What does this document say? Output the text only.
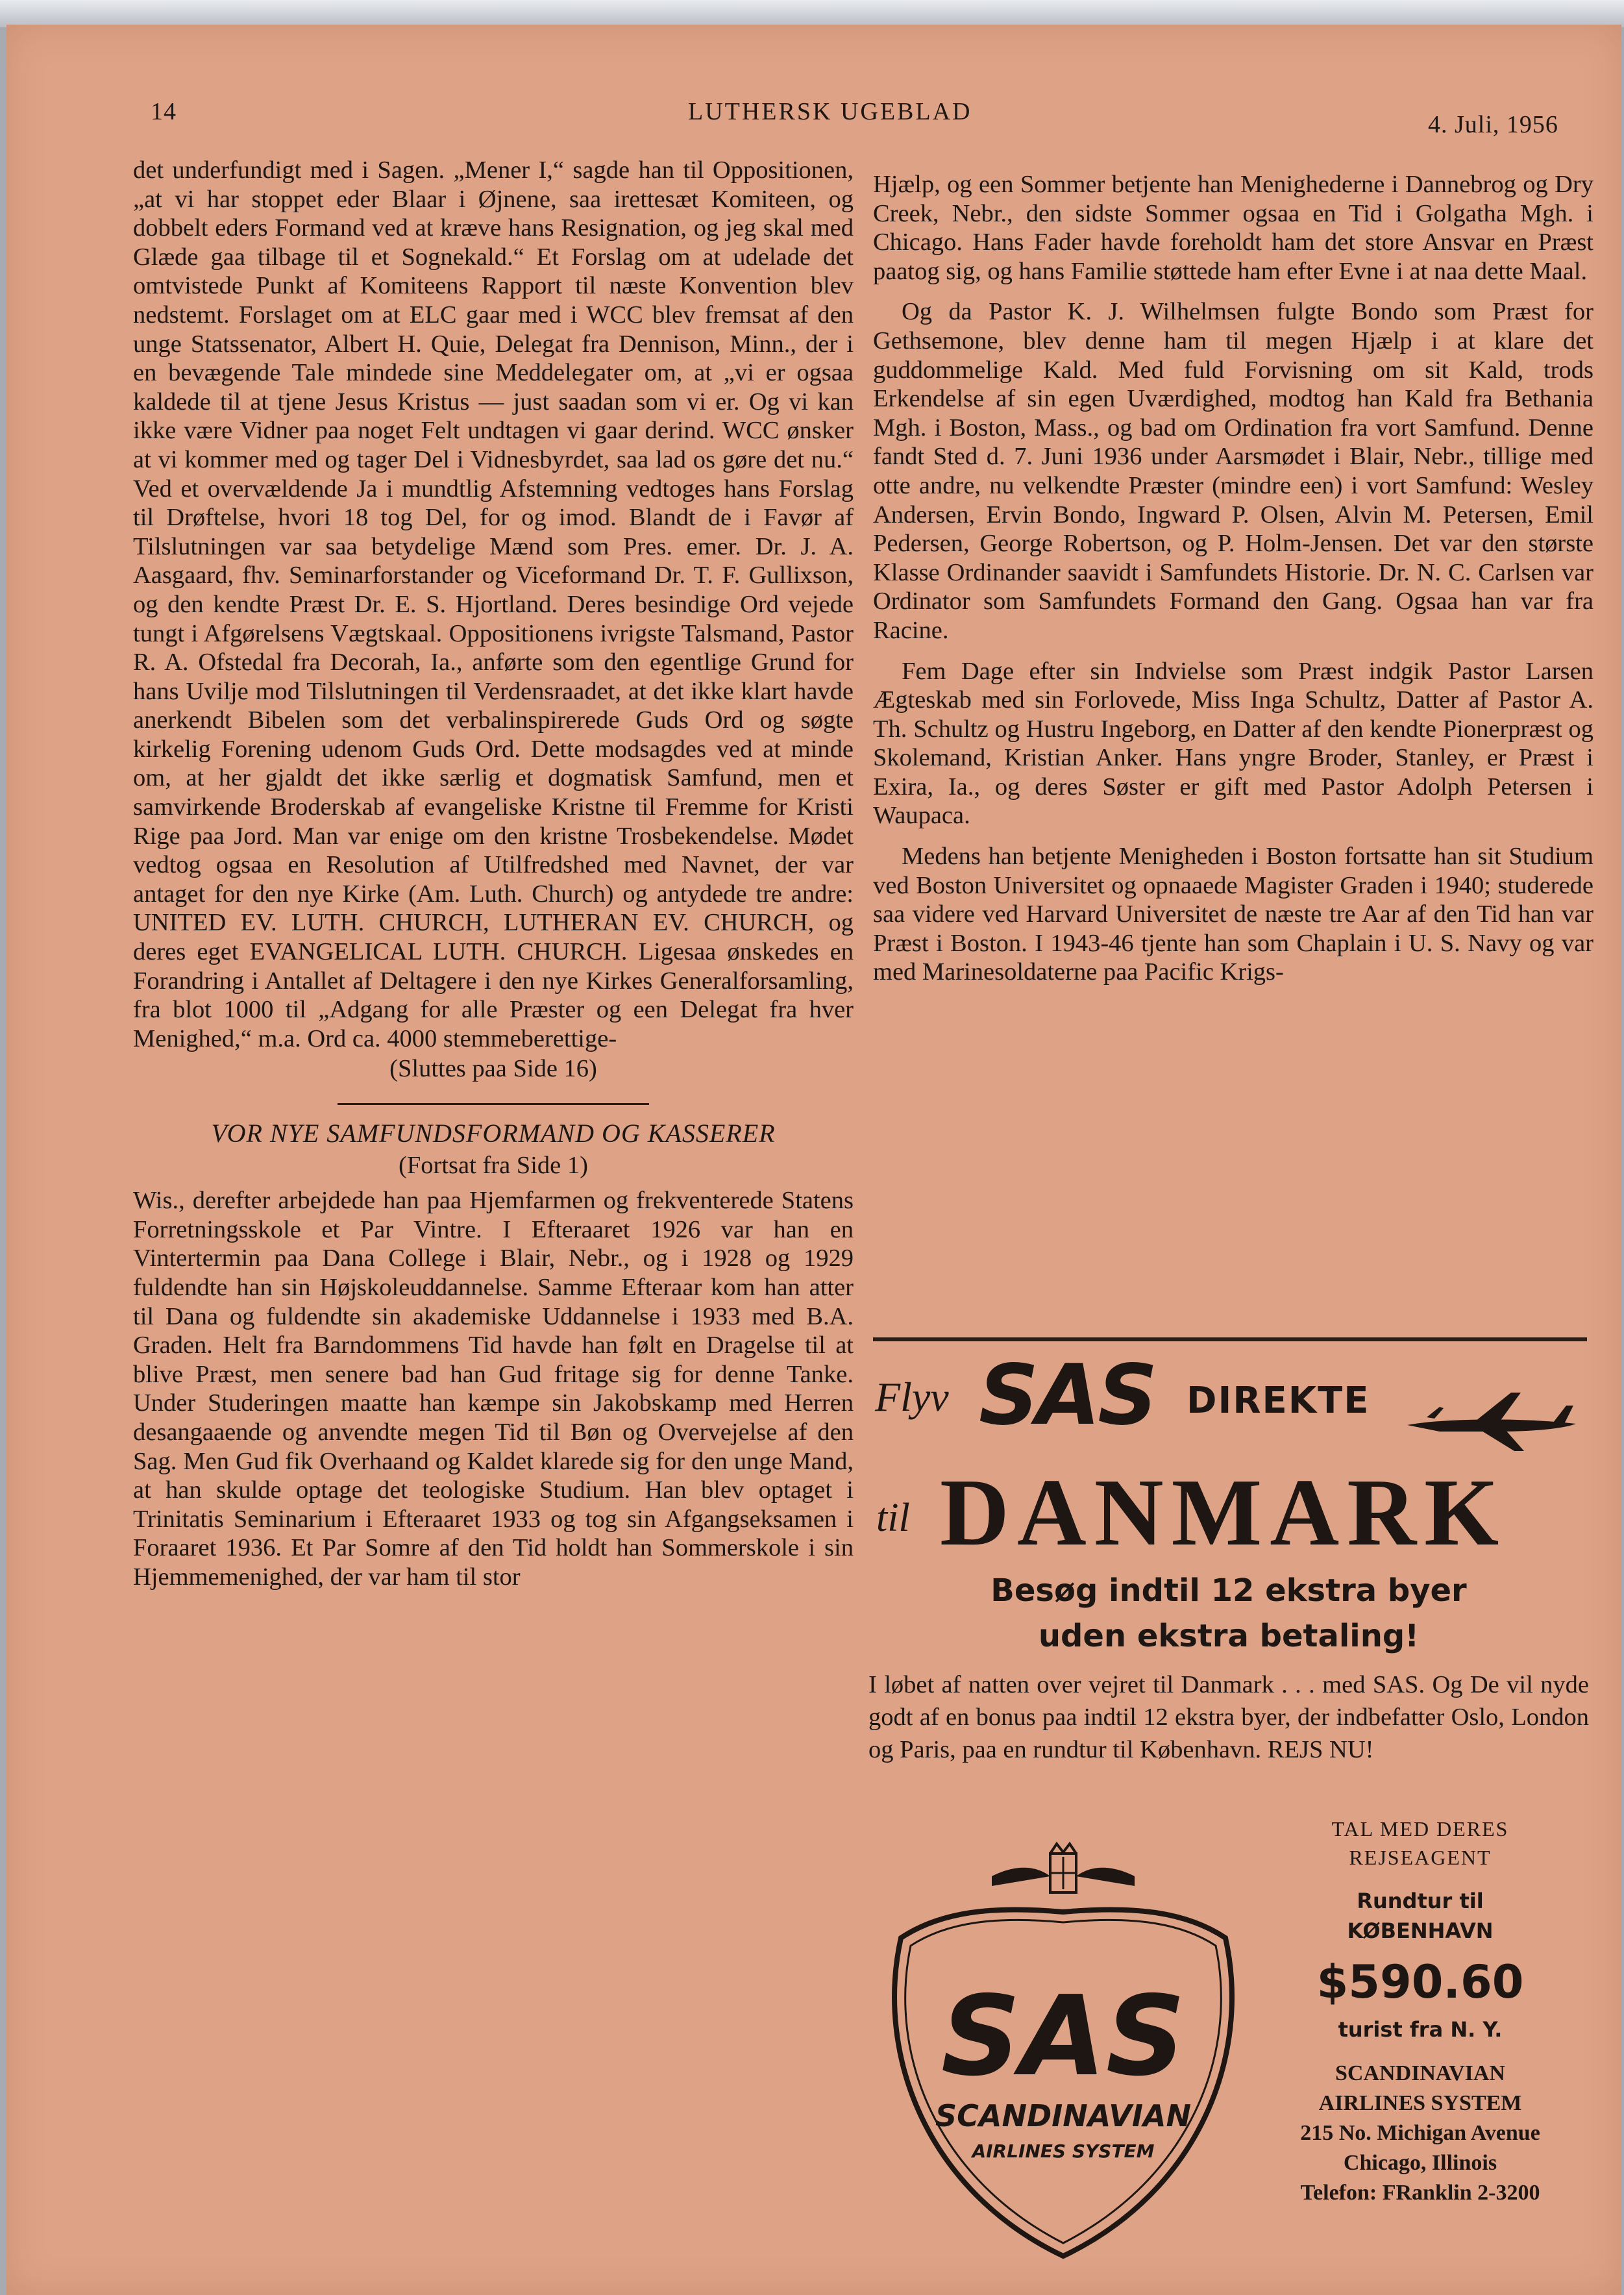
14	LUTHERSK UGEBLAD	4. Juli, 1956

det underfundigt med i Sagen. „Mener I,“ sagde han til Oppositionen, „at vi har stoppet eder Blaar i Øjnene, saa irettesæt Komiteen, og dobbelt eders Formand ved at kræve hans Resignation, og jeg skal med Glæde gaa tilbage til et Sognekald.“ Et Forslag om at udelade det omtvistede Punkt af Komiteens Rapport til næste Konvention blev nedstemt. Forslaget om at ELC gaar med i WCC blev fremsat af den unge Statssenator, Albert H. Quie, Delegat fra Dennison, Minn., der i en bevægende Tale mindede sine Meddelegater om, at „vi er ogsaa kaldede til at tjene Jesus Kristus — just saadan som vi er. Og vi kan ikke være Vidner paa noget Felt undtagen vi gaar derind. WCC ønsker at vi kommer med og tager Del i Vidnesbyrdet, saa lad os gøre det nu.“ Ved et overvældende Ja i mundtlig Afstemning vedtoges hans Forslag til Drøftelse, hvori 18 tog Del, for og imod. Blandt de i Favør af Tilslutningen var saa betydelige Mænd som Pres. emer. Dr. J. A. Aasgaard, fhv. Seminarforstander og Viceformand Dr. T. F. Gullixson, og den kendte Præst Dr. E. S. Hjortland. Deres besindige Ord vejede tungt i Afgørelsens Vægtskaal. Oppositionens ivrigste Talsmand, Pastor R. A. Ofstedal fra Decorah, Ia., anførte som den egentlige Grund for hans Uvilje mod Tilslutningen til Verdensraadet, at det ikke klart havde anerkendt Bibelen som det verbalinspirerede Guds Ord og søgte kirkelig Forening udenom Guds Ord. Dette modsagdes ved at minde om, at her gjaldt det ikke særlig et dogmatisk Samfund, men et samvirkende Broderskab af evangeliske Kristne til Fremme for Kristi Rige paa Jord. Man var enige om den kristne Trosbekendelse. Mødet vedtog ogsaa en Resolution af Utilfredshed med Navnet, der var antaget for den nye Kirke (Am. Luth. Church) og antydede tre andre: UNITED EV. LUTH. CHURCH, LUTHERAN EV. CHURCH, og deres eget EVANGELICAL LUTH. CHURCH. Ligesaa ønskedes en Forandring i Antallet af Deltagere i den nye Kirkes Generalforsamling, fra blot 1000 til „Adgang for alle Præster og een Delegat fra hver Menighed,“ m.a. Ord ca. 4000 stemmeberettige-

(Sluttes paa Side 16)

VOR NYE SAMFUNDSFORMAND OG KASSERER

(Fortsat fra Side 1)

Wis., derefter arbejdede han paa Hjemfarmen og frekventerede Statens Forretningsskole et Par Vintre. I Efteraaret 1926 var han en Vintertermin paa Dana College i Blair, Nebr., og i 1928 og 1929 fuldendte han sin Højskoleuddannelse. Samme Efteraar kom han atter til Dana og fuldendte sin akademiske Uddannelse i 1933 med B.A. Graden. Helt fra Barndommens Tid havde han følt en Dragelse til at blive Præst, men senere bad han Gud fritage sig for denne Tanke. Under Studeringen maatte han kæmpe sin Jakobskamp med Herren desangaaende og anvendte megen Tid til Bøn og Overvejelse af den Sag. Men Gud fik Overhaand og Kaldet klarede sig for den unge Mand, at han skulde optage det teologiske Studium. Han blev optaget i Trinitatis Seminarium i Efteraaret 1933 og tog sin Afgangseksamen i Foraaret 1936. Et Par Somre af den Tid holdt han Sommerskole i sin Hjemmemenighed, der var ham til stor

Hjælp, og een Sommer betjente han Menighederne i Dannebrog og Dry Creek, Nebr., den sidste Sommer ogsaa en Tid i Golgatha Mgh. i Chicago. Hans Fader havde foreholdt ham det store Ansvar en Præst paatog sig, og hans Familie støttede ham efter Evne i at naa dette Maal.

Og da Pastor K. J. Wilhelmsen fulgte Bondo som Præst for Gethsemone, blev denne ham til megen Hjælp i at klare det guddommelige Kald. Med fuld Forvisning om sit Kald, trods Erkendelse af sin egen Uværdighed, modtog han Kald fra Bethania Mgh. i Boston, Mass., og bad om Ordination fra vort Samfund. Denne fandt Sted d. 7. Juni 1936 under Aarsmødet i Blair, Nebr., tillige med otte andre, nu velkendte Præster (mindre een) i vort Samfund: Wesley Andersen, Ervin Bondo, Ingward P. Olsen, Alvin M. Petersen, Emil Pedersen, George Robertson, og P. Holm-Jensen. Det var den største Klasse Ordinander saavidt i Samfundets Historie. Dr. N. C. Carlsen var Ordinator som Samfundets Formand den Gang. Ogsaa han var fra Racine.

Fem Dage efter sin Indvielse som Præst indgik Pastor Larsen Ægteskab med sin Forlovede, Miss Inga Schultz, Datter af Pastor A. Th. Schultz og Hustru Ingeborg, en Datter af den kendte Pionerpræst og Skolemand, Kristian Anker. Hans yngre Broder, Stanley, er Præst i Exira, Ia., og deres Søster er gift med Pastor Adolph Petersen i Waupaca.

Medens han betjente Menigheden i Boston fortsatte han sit Studium ved Boston Universitet og opnaaede Magister Graden i 1940; studerede saa videre ved Harvard Universitet de næste tre Aar af den Tid han var Præst i Boston. I 1943-46 tjente han som Chaplain i U. S. Navy og var med Marinesoldaterne paa Pacific Krigs-

Flyv SAS DIREKTE
til DANMARK
Besøg indtil 12 ekstra byer
uden ekstra betaling!
I løbet af natten over vejret til Danmark . . . med SAS. Og De vil nyde godt af en bonus paa indtil 12 ekstra byer, der indbefatter Oslo, London og Paris, paa en rundtur til København. REJS NU!
SAS
SCANDINAVIAN
AIRLINES SYSTEM
TAL MED DERES
REJSEAGENT
Rundtur til
KØBENHAVN
$590.60
turist fra N. Y.
SCANDINAVIAN
AIRLINES SYSTEM
215 No. Michigan Avenue
Chicago, Illinois
Telefon: FRanklin 2-3200
